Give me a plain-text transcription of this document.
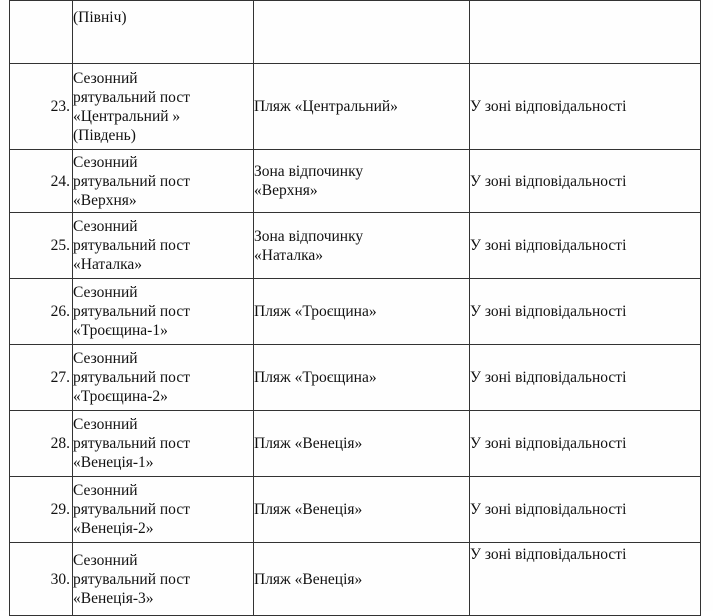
	(Північ)		

23.	Сезонний
рятувальний пост
«Центральний »
(Південь)	Пляж «Центральний»	У зоні відповідальності

24.	Сезонний
рятувальний пост
«Верхня»	Зона відпочинку
«Верхня»	У зоні відповідальності

25.	Сезонний
рятувальний пост
«Наталка»	Зона відпочинку
«Наталка»	У зоні відповідальності

26.	Сезонний
рятувальний пост
«Троєщина-1»	Пляж «Троєщина»	У зоні відповідальності

27.	Сезонний
рятувальний пост
«Троєщина-2»	Пляж «Троєщина»	У зоні відповідальності

28.	Сезонний
рятувальний пост
«Венеція-1»	Пляж «Венеція»	У зоні відповідальності

29.	Сезонний
рятувальний пост
«Венеція-2»	Пляж «Венеція»	У зоні відповідальності

30.	Сезонний
рятувальний пост
«Венеція-3»	Пляж «Венеція»	У зоні відповідальності
